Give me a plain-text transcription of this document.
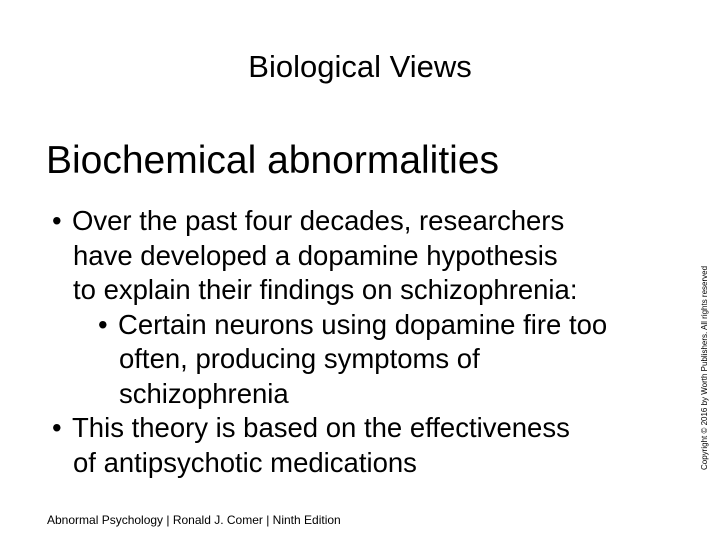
Biological Views
Biochemical abnormalities
• Over the past four decades, researchers
have developed a dopamine hypothesis
to explain their findings on schizophrenia:
• Certain neurons using dopamine fire too
often, producing symptoms of
schizophrenia
• This theory is based on the effectiveness
of antipsychotic medications
Abnormal Psychology | Ronald J. Comer | Ninth Edition
Copyright © 2016 by Worth Publishers. All rights reserved
